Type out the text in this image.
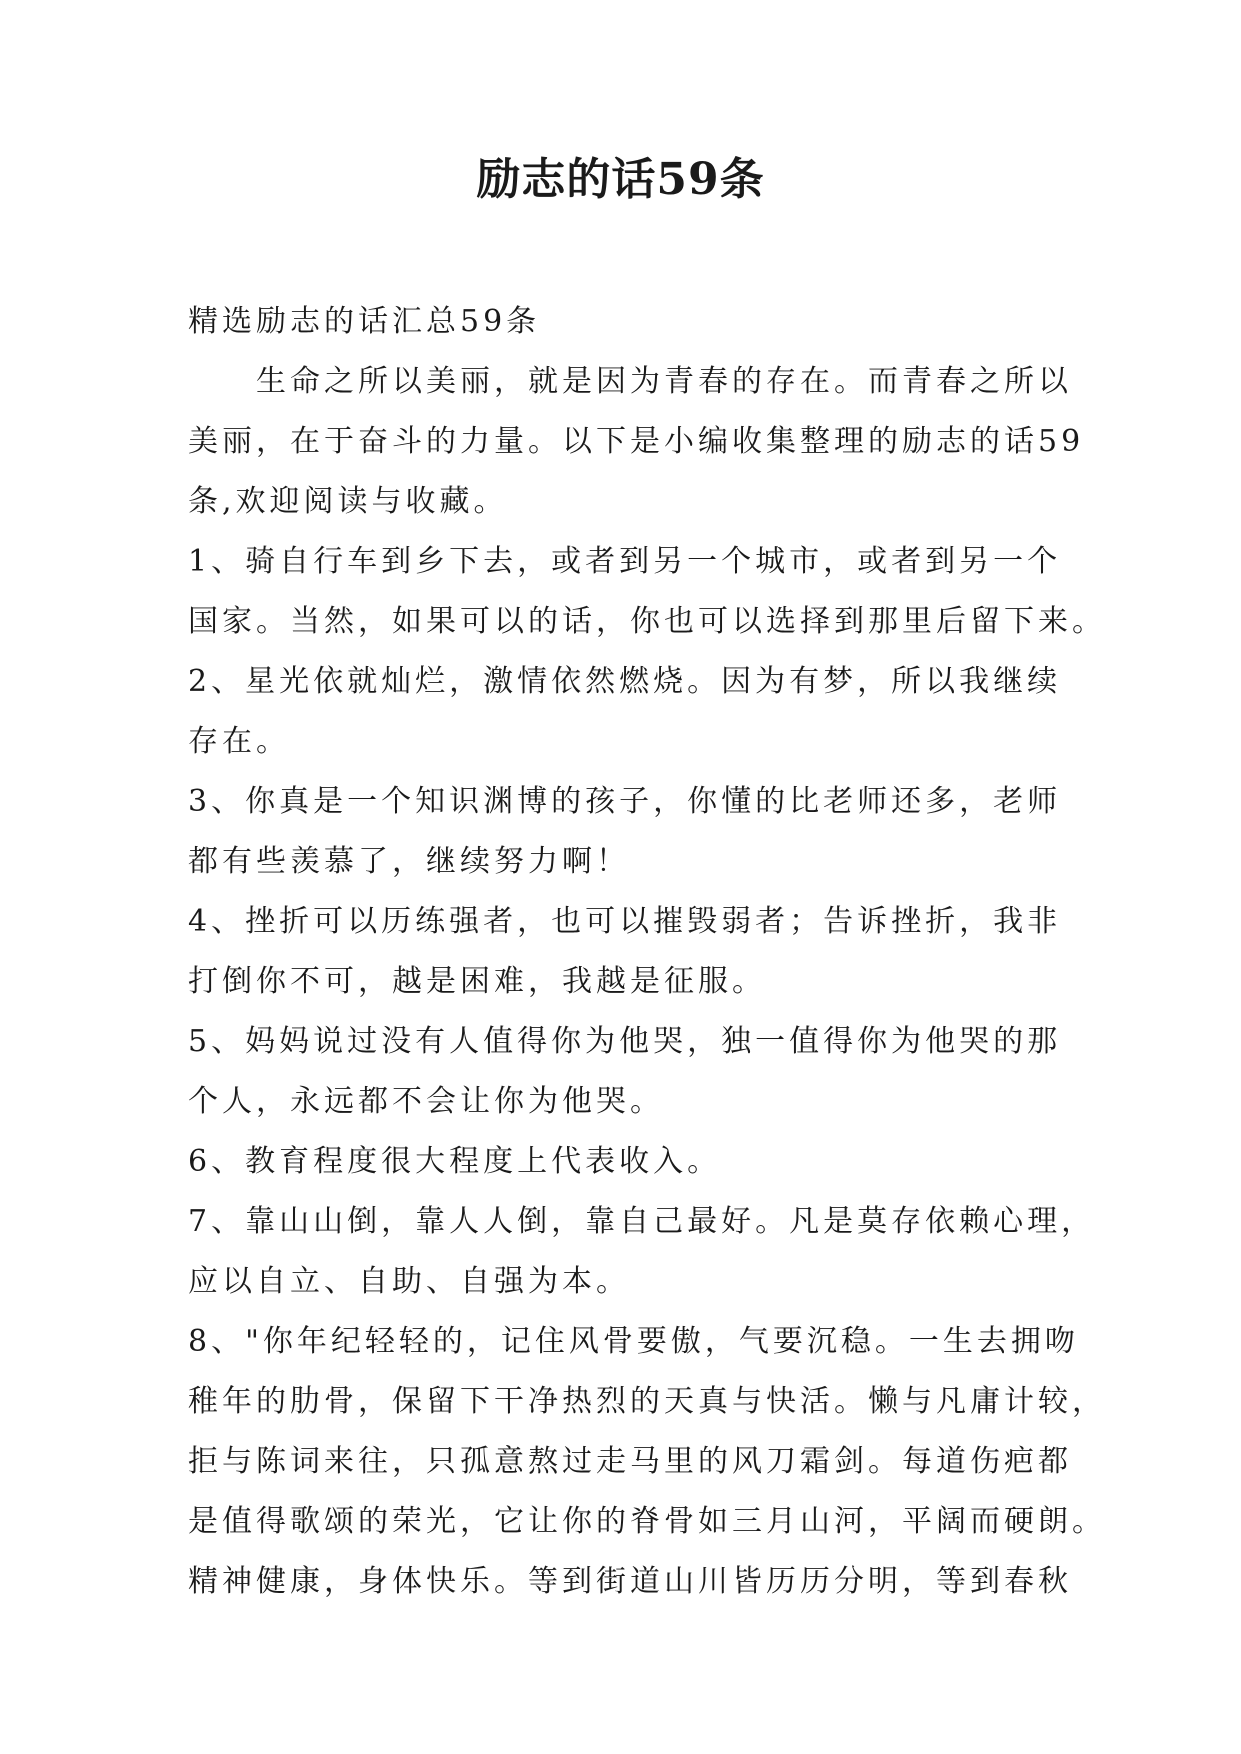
励志的话59条
精选励志的话汇总59条
生命之所以美丽，就是因为青春的存在。而青春之所以
美丽，在于奋斗的力量。以下是小编收集整理的励志的话59
条,欢迎阅读与收藏。
1、骑自行车到乡下去，或者到另一个城市，或者到另一个
国家。当然，如果可以的话，你也可以选择到那里后留下来。
2、星光依就灿烂，激情依然燃烧。因为有梦，所以我继续
存在。
3、你真是一个知识渊博的孩子，你懂的比老师还多，老师
都有些羡慕了，继续努力啊！
4、挫折可以历练强者，也可以摧毁弱者；告诉挫折，我非
打倒你不可，越是困难，我越是征服。
5、妈妈说过没有人值得你为他哭，独一值得你为他哭的那
个人，永远都不会让你为他哭。
6、教育程度很大程度上代表收入。
7、靠山山倒，靠人人倒，靠自己最好。凡是莫存依赖心理，
应以自立、自助、自强为本。
8、"你年纪轻轻的，记住风骨要傲，气要沉稳。一生去拥吻
稚年的肋骨，保留下干净热烈的天真与快活。懒与凡庸计较，
拒与陈词来往，只孤意熬过走马里的风刀霜剑。每道伤疤都
是值得歌颂的荣光，它让你的脊骨如三月山河，平阔而硬朗。
精神健康，身体快乐。等到街道山川皆历历分明，等到春秋
